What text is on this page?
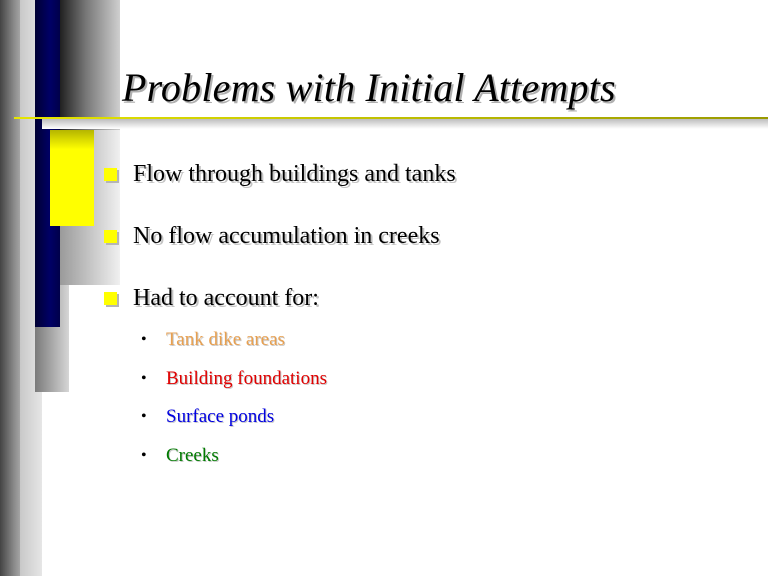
Problems with Initial Attempts
Flow through buildings and tanks
No flow accumulation in creeks
Had to account for:
•	Tank dike areas
•	Building foundations
•	Surface ponds
•	Creeks
